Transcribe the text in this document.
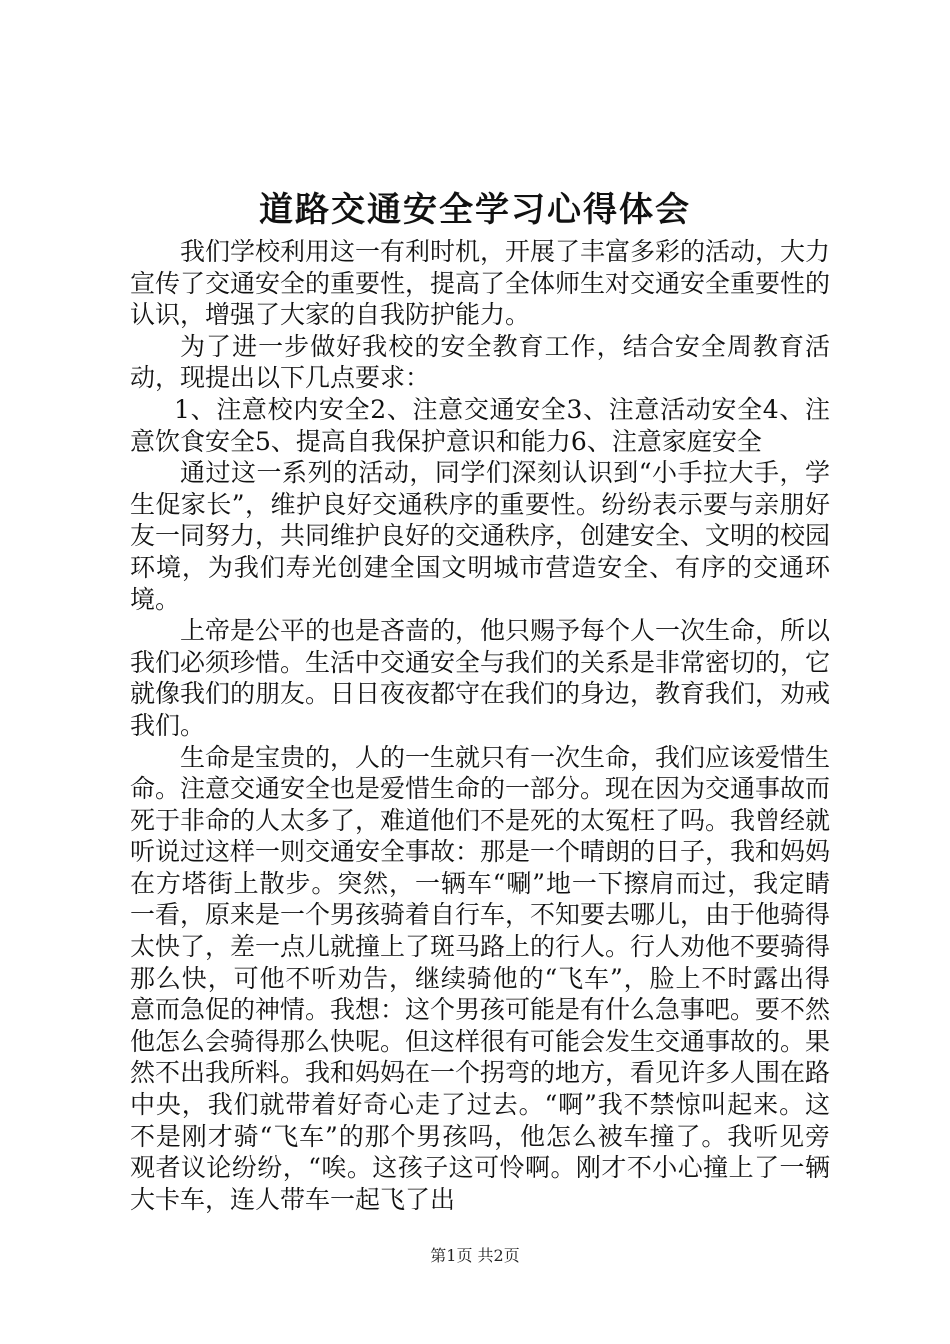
道路交通安全学习心得体会

我们学校利用这一有利时机，开展了丰富多彩的活动，大力宣传了交通安全的重要性，提高了全体师生对交通安全重要性的认识，增强了大家的自我防护能力。

为了进一步做好我校的安全教育工作，结合安全周教育活动，现提出以下几点要求：

1、注意校内安全2、注意交通安全3、注意活动安全4、注意饮食安全5、提高自我保护意识和能力6、注意家庭安全

通过这一系列的活动，同学们深刻认识到“小手拉大手，学生促家长”，维护良好交通秩序的重要性。纷纷表示要与亲朋好友一同努力，共同维护良好的交通秩序，创建安全、文明的校园环境，为我们寿光创建全国文明城市营造安全、有序的交通环境。

上帝是公平的也是吝啬的，他只赐予每个人一次生命，所以我们必须珍惜。生活中交通安全与我们的关系是非常密切的，它就像我们的朋友。日日夜夜都守在我们的身边，教育我们，劝戒我们。

生命是宝贵的，人的一生就只有一次生命，我们应该爱惜生命。注意交通安全也是爱惜生命的一部分。现在因为交通事故而死于非命的人太多了，难道他们不是死的太冤枉了吗。我曾经就听说过这样一则交通安全事故：那是一个晴朗的日子，我和妈妈在方塔街上散步。突然，一辆车“唰”地一下擦肩而过，我定睛一看，原来是一个男孩骑着自行车，不知要去哪儿，由于他骑得太快了，差一点儿就撞上了斑马路上的行人。行人劝他不要骑得那么快，可他不听劝告，继续骑他的“飞车”，脸上不时露出得意而急促的神情。我想：这个男孩可能是有什么急事吧。要不然他怎么会骑得那么快呢。但这样很有可能会发生交通事故的。果然不出我所料。我和妈妈在一个拐弯的地方，看见许多人围在路中央，我们就带着好奇心走了过去。“啊”我不禁惊叫起来。这不是刚才骑“飞车”的那个男孩吗，他怎么被车撞了。我听见旁观者议论纷纷，“唉。这孩子这可怜啊。刚才不小心撞上了一辆大卡车，连人带车一起飞了出

第1页 共2页
